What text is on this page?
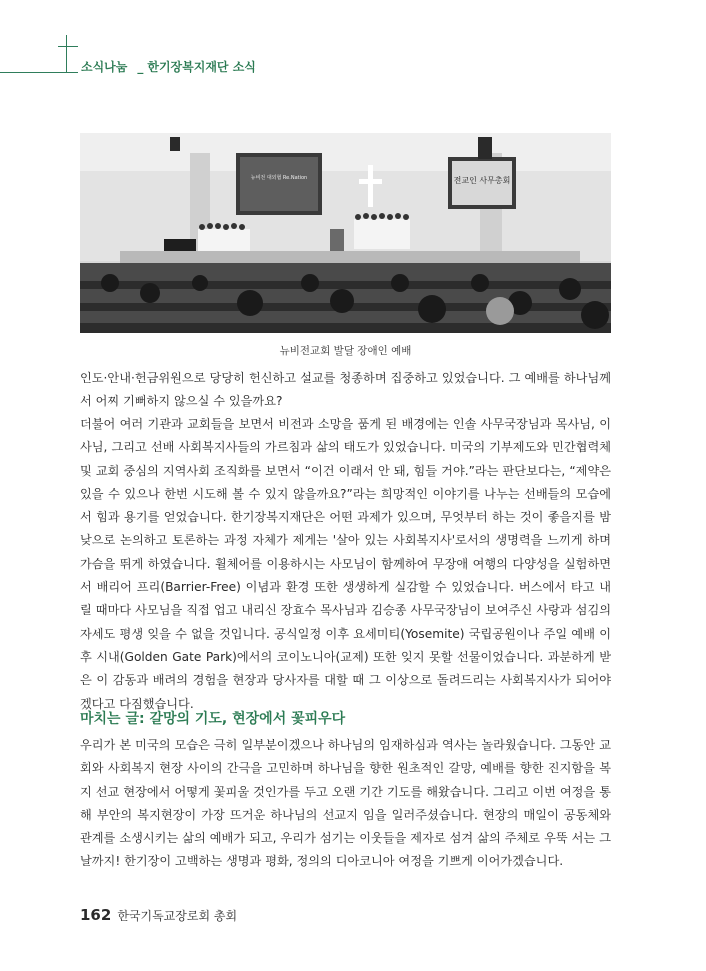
소식나눔 _ 한기장복지재단 소식
뉴비전 대외협 Re.Nation	전교인 사무총회
뉴비전교회 발달 장애인 예배

인도·안내·헌금위원으로 당당히 헌신하고 설교를 청종하며 집중하고 있었습니다. 그 예배를 하나님께서 어찌 기뻐하지 않으실 수 있을까요?

더불어 여러 기관과 교회들을 보면서 비전과 소망을 품게 된 배경에는 인솔 사무국장님과 목사님, 이사님, 그리고 선배 사회복지사들의 가르침과 삶의 태도가 있었습니다. 미국의 기부제도와 민간협력체 및 교회 중심의 지역사회 조직화를 보면서 “이건 이래서 안 돼, 힘들 거야.”라는 판단보다는, “제약은 있을 수 있으나 한번 시도해 볼 수 있지 않을까요?”라는 희망적인 이야기를 나누는 선배들의 모습에서 힘과 용기를 얻었습니다. 한기장복지재단은 어떤 과제가 있으며, 무엇부터 하는 것이 좋을지를 밤낮으로 논의하고 토론하는 과정 자체가 제게는 '살아 있는 사회복지사'로서의 생명력을 느끼게 하며 가슴을 뛰게 하였습니다. 휠체어를 이용하시는 사모님이 함께하여 무장애 여행의 다양성을 실험하면서 배리어 프리(Barrier-Free) 이념과 환경 또한 생생하게 실감할 수 있었습니다. 버스에서 타고 내릴 때마다 사모님을 직접 업고 내리신 장효수 목사님과 김승종 사무국장님이 보여주신 사랑과 섬김의 자세도 평생 잊을 수 없을 것입니다. 공식일정 이후 요세미티(Yosemite) 국립공원이나 주일 예배 이후 시내(Golden Gate Park)에서의 코이노니아(교제) 또한 잊지 못할 선물이었습니다. 과분하게 받은 이 감동과 배려의 경험을 현장과 당사자를 대할 때 그 이상으로 돌려드리는 사회복지사가 되어야겠다고 다짐했습니다.

마치는 글: 갈망의 기도, 현장에서 꽃피우다

우리가 본 미국의 모습은 극히 일부분이겠으나 하나님의 임재하심과 역사는 놀라웠습니다. 그동안 교회와 사회복지 현장 사이의 간극을 고민하며 하나님을 향한 원초적인 갈망, 예배를 향한 진지함을 복지 선교 현장에서 어떻게 꽃피울 것인가를 두고 오랜 기간 기도를 해왔습니다. 그리고 이번 여정을 통해 부안의 복지현장이 가장 뜨거운 하나님의 선교지 임을 일러주셨습니다. 현장의 매일이 공동체와 관계를 소생시키는 삶의 예배가 되고, 우리가 섬기는 이웃들을 제자로 섬겨 삶의 주체로 우뚝 서는 그날까지! 한기장이 고백하는 생명과 평화, 정의의 디아코니아 여정을 기쁘게 이어가겠습니다.

162 한국기독교장로회 총회
